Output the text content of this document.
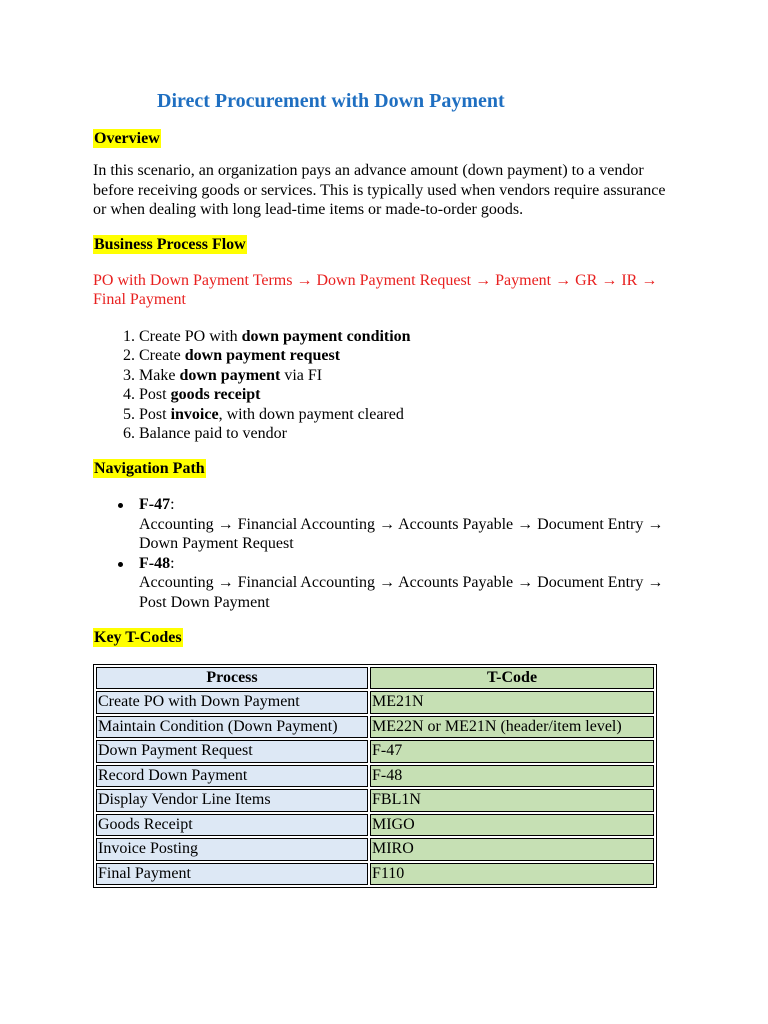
Direct Procurement with Down Payment
Overview

In this scenario, an organization pays an advance amount (down payment) to a vendor before receiving goods or services. This is typically used when vendors require assurance or when dealing with long lead-time items or made-to-order goods.

Business Process Flow

PO with Down Payment Terms → Down Payment Request → Payment → GR → IR → Final Payment

1. Create PO with down payment condition
2. Create down payment request
3. Make down payment via FI
4. Post goods receipt
5. Post invoice, with down payment cleared
6. Balance paid to vendor
Navigation Path
F-47:
Accounting → Financial Accounting → Accounts Payable → Document Entry → Down Payment Request
F-48:
Accounting → Financial Accounting → Accounts Payable → Document Entry → Post Down Payment
Key T-Codes
Process	T-Code
Create PO with Down Payment	ME21N
Maintain Condition (Down Payment)	ME22N or ME21N (header/item level)
Down Payment Request	F-47
Record Down Payment	F-48
Display Vendor Line Items	FBL1N
Goods Receipt	MIGO
Invoice Posting	MIRO
Final Payment	F110
